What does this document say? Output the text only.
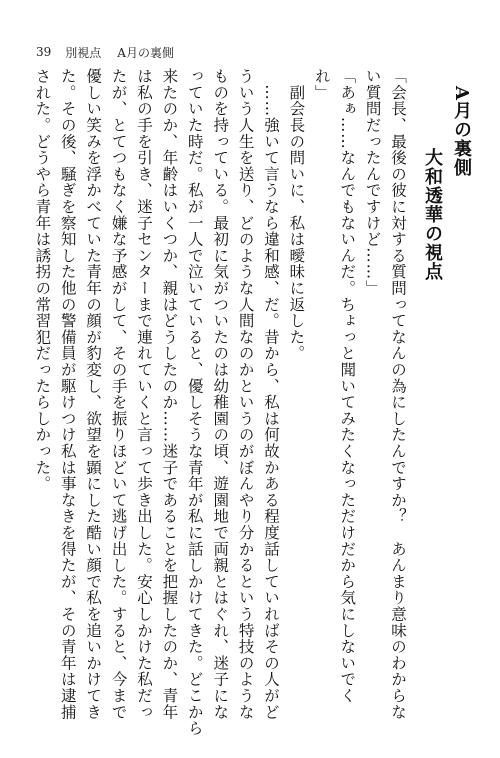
39 別視点 A月の裏側
A月の裏側
大和透華の視点
「会長、最後の彼に対する質問ってなんの為にしたんですか？　あんまり意味のわからな
い質問だったんですけど……」
「あぁ……なんでもないんだ。ちょっと聞いてみたくなっただけだから気にしないでく
れ」
　副会長の問いに、私は曖昧に返した。
　……強いて言うなら違和感、だ。昔から、私は何故かある程度話していればその人がど
ういう人生を送り、どのような人間なのかというのがぼんやり分かるという特技のような
ものを持っている。最初に気がついたのは幼稚園の頃、遊園地で両親とはぐれ、迷子にな
っていた時だ。私が一人で泣いていると、優しそうな青年が私に話しかけてきた。どこから
来たのか、年齢はいくつか、親はどうしたのか……迷子であることを把握したのか、青年
は私の手を引き、迷子センターまで連れていくと言って歩き出した。安心しかけた私だっ
たが、とてつもなく嫌な予感がして、その手を振りほどいて逃げ出した。すると、今まで
優しい笑みを浮かべていた青年の顔が豹変し、欲望を顕にした酷い顔で私を追いかけてき
た。その後、騒ぎを察知した他の警備員が駆けつけ私は事なきを得たが、その青年は逮捕
された。どうやら青年は誘拐の常習犯だったらしかった。
